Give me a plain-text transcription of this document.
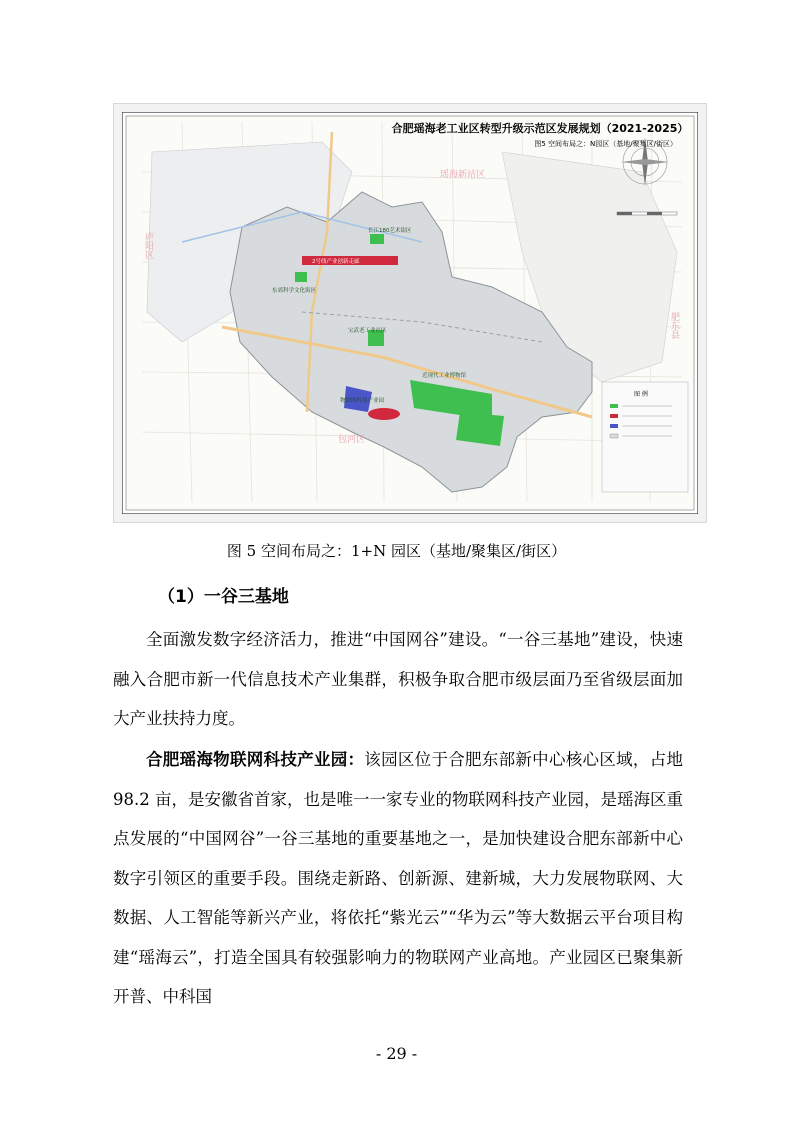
长江180艺术街区
东郊科学文化街区
宝武老工业社区
近现代工业博物馆
物联网科技产业园
2号线产业创新走廊
合肥瑶海老工业区转型升级示范区发展规划（2021-2025）
图5 空间布局之：N园区（基地/聚集区/街区）
瑶海新站区
庐阳区
肥东县
包河区
图 例
图 5 空间布局之：1+N 园区（基地/聚集区/街区）
（1）一谷三基地

全面激发数字经济活力，推进“中国网谷”建设。“一谷三基地”建设，快速融入合肥市新一代信息技术产业集群，积极争取合肥市级层面乃至省级层面加大产业扶持力度。

合肥瑶海物联网科技产业园：该园区位于合肥东部新中心核心区域，占地 98.2 亩，是安徽省首家，也是唯一一家专业的物联网科技产业园，是瑶海区重点发展的“中国网谷”一谷三基地的重要基地之一，是加快建设合肥东部新中心数字引领区的重要手段。围绕走新路、创新源、建新城，大力发展物联网、大数据、人工智能等新兴产业，将依托“紫光云”“华为云”等大数据云平台项目构建“瑶海云”，打造全国具有较强影响力的物联网产业高地。产业园区已聚集新开普、中科国

- 29 -
